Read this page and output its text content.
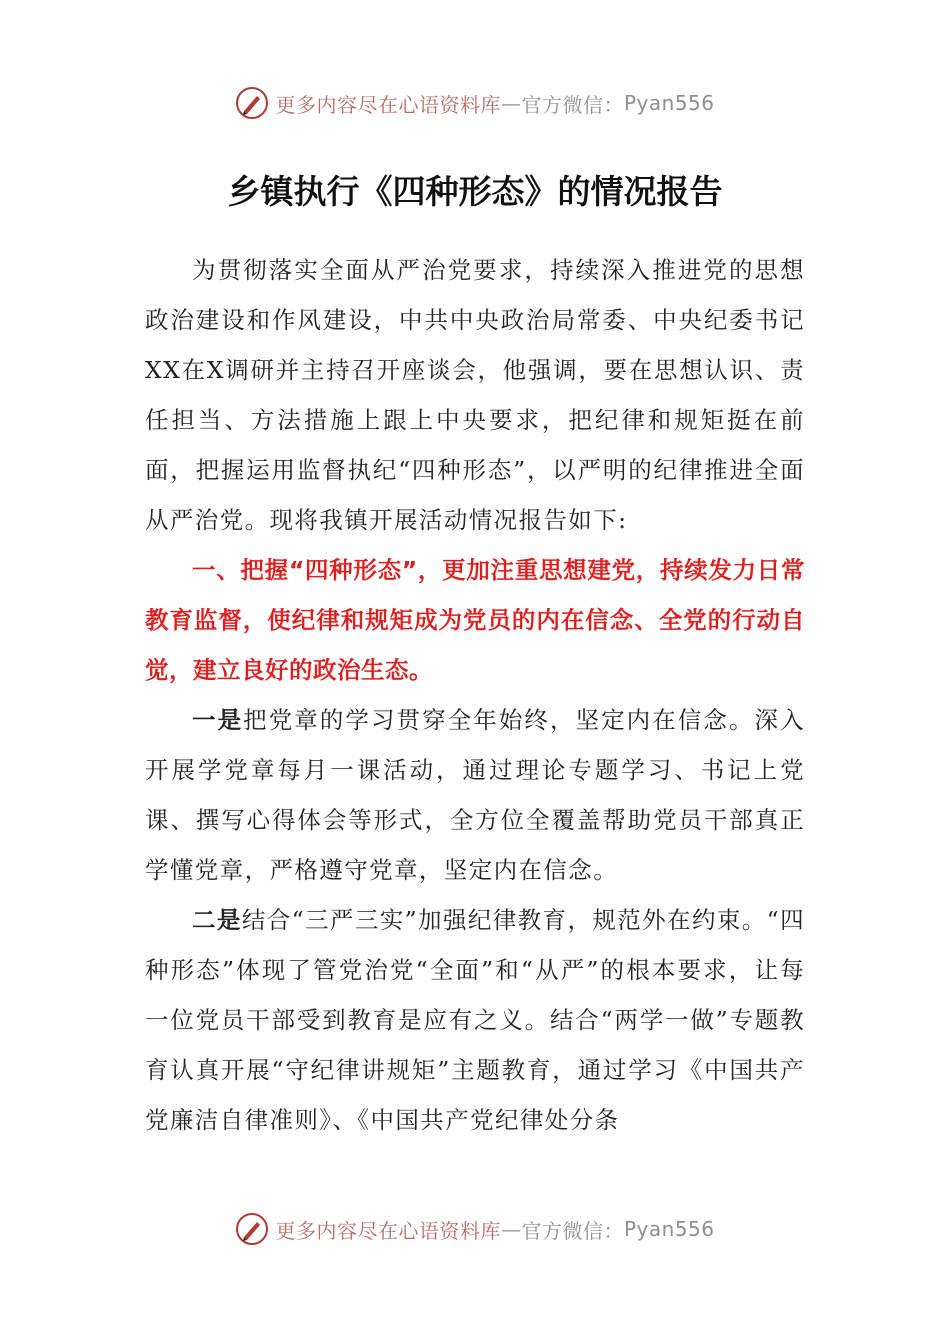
更多内容尽在心语资料库 — 官方微信： Pyan556
乡镇执行《四种形态》的情况报告

为贯彻落实全面从严治党要求，持续深入推进党的思想政治建设和作风建设，中共中央政治局常委、中央纪委书记XX在X调研并主持召开座谈会，他强调，要在思想认识、责任担当、方法措施上跟上中央要求，把纪律和规矩挺在前面，把握运用监督执纪“四种形态”，以严明的纪律推进全面从严治党。现将我镇开展活动情况报告如下:

一、把握“四种形态”，更加注重思想建党，持续发力日常教育监督，使纪律和规矩成为党员的内在信念、全党的行动自觉，建立良好的政治生态。

一是把党章的学习贯穿全年始终，坚定内在信念。深入开展学党章每月一课活动，通过理论专题学习、书记上党课、撰写心得体会等形式，全方位全覆盖帮助党员干部真正学懂党章，严格遵守党章，坚定内在信念。

二是结合“三严三实”加强纪律教育，规范外在约束。“四种形态”体现了管党治党“全面”和“从严”的根本要求，让每一位党员干部受到教育是应有之义。结合“两学一做”专题教育认真开展“守纪律讲规矩”主题教育，通过学习《中国共产党廉洁自律准则》、《中国共产党纪律处分条

更多内容尽在心语资料库 — 官方微信： Pyan556
